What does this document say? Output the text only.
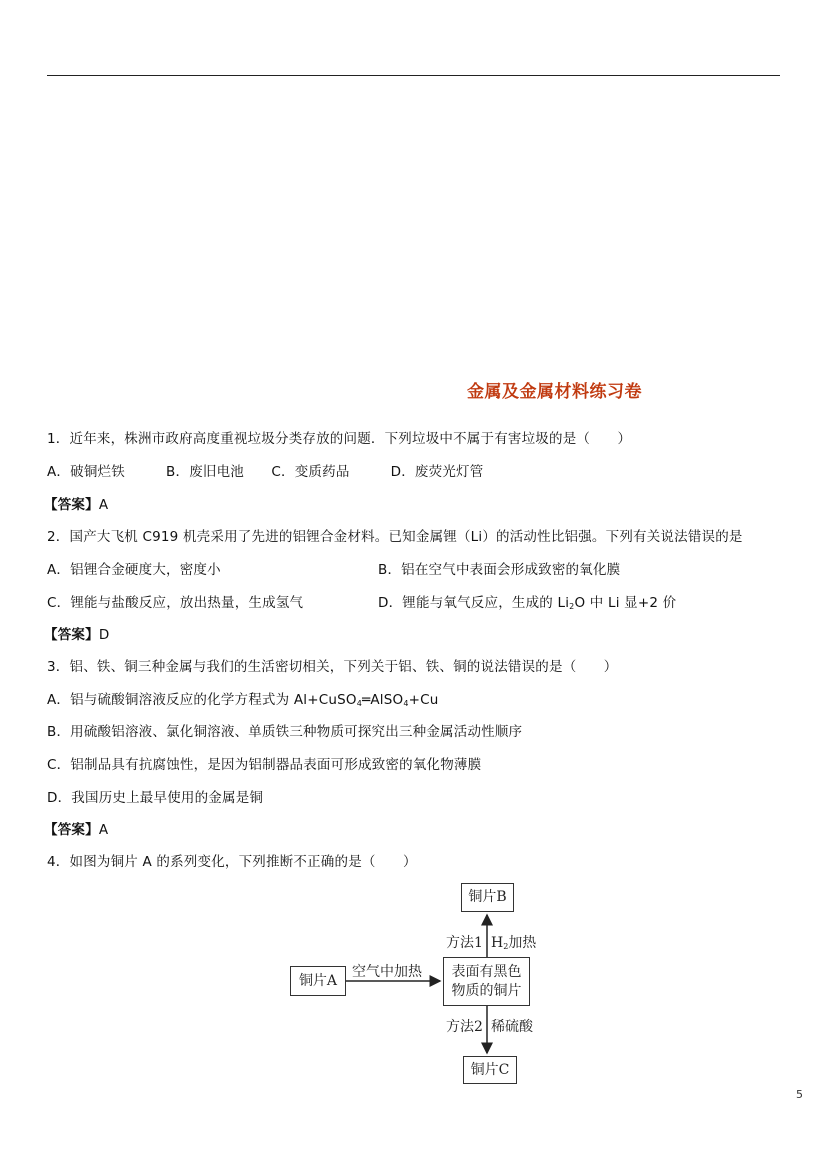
金属及金属材料练习卷
1．近年来，株洲市政府高度重视垃圾分类存放的问题．下列垃圾中不属于有害垃圾的是（　　）
A．破铜烂铁　　　B．废旧电池　　C．变质药品　　　D．废荧光灯管
【答案】A
2．国产大飞机 C919 机壳采用了先进的铝锂合金材料。已知金属锂（Li）的活动性比铝强。下列有关说法错误的是
A．铝锂合金硬度大，密度小	B．铝在空气中表面会形成致密的氧化膜
C．锂能与盐酸反应，放出热量，生成氢气	D．锂能与氧气反应，生成的 $Li_2O$ 中 Li 显+2 价
【答案】D
3．铝、铁、铜三种金属与我们的生活密切相关，下列关于铝、铁、铜的说法错误的是（　　）
A．铝与硫酸铜溶液反应的化学方程式为 Al+CuSO$_4$═AlSO$_4$+Cu
B．用硫酸铝溶液、氯化铜溶液、单质铁三种物质可探究出三种金属活动性顺序
C．铝制品具有抗腐蚀性，是因为铝制器品表面可形成致密的氧化物薄膜
D．我国历史上最早使用的金属是铜
【答案】A
4．如图为铜片 A 的系列变化，下列推断不正确的是（　　）
铜片B
铜片A
表面有黑色
物质的铜片
铜片C
空气中加热
方法1 $H_2$加热
方法2 稀硫酸
5
